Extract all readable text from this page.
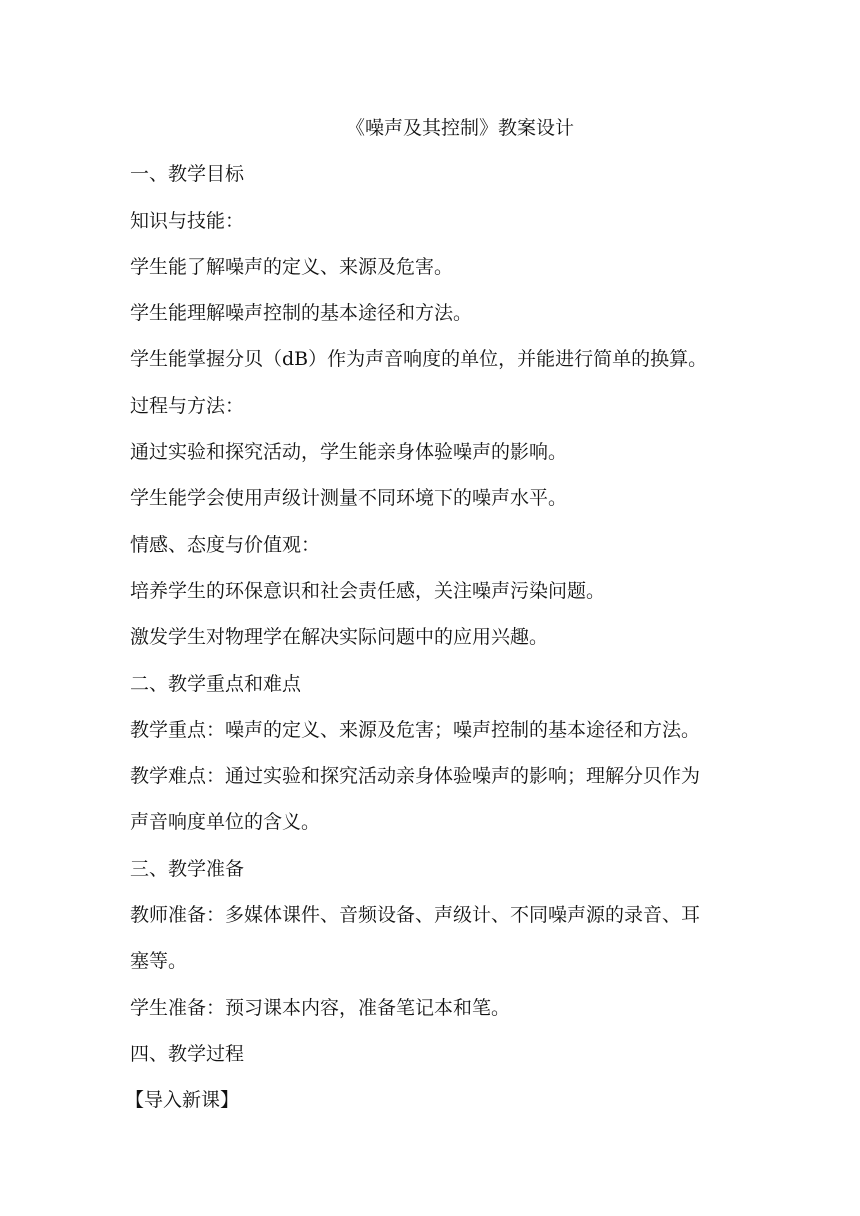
《噪声及其控制》教案设计
一、教学目标
知识与技能：
学生能了解噪声的定义、来源及危害。
学生能理解噪声控制的基本途径和方法。
学生能掌握分贝（dB）作为声音响度的单位，并能进行简单的换算。
过程与方法：
通过实验和探究活动，学生能亲身体验噪声的影响。
学生能学会使用声级计测量不同环境下的噪声水平。
情感、态度与价值观：
培养学生的环保意识和社会责任感，关注噪声污染问题。
激发学生对物理学在解决实际问题中的应用兴趣。
二、教学重点和难点
教学重点：噪声的定义、来源及危害；噪声控制的基本途径和方法。
教学难点：通过实验和探究活动亲身体验噪声的影响；理解分贝作为
声音响度单位的含义。
三、教学准备
教师准备：多媒体课件、音频设备、声级计、不同噪声源的录音、耳
塞等。
学生准备：预习课本内容，准备笔记本和笔。
四、教学过程
【导入新课】
